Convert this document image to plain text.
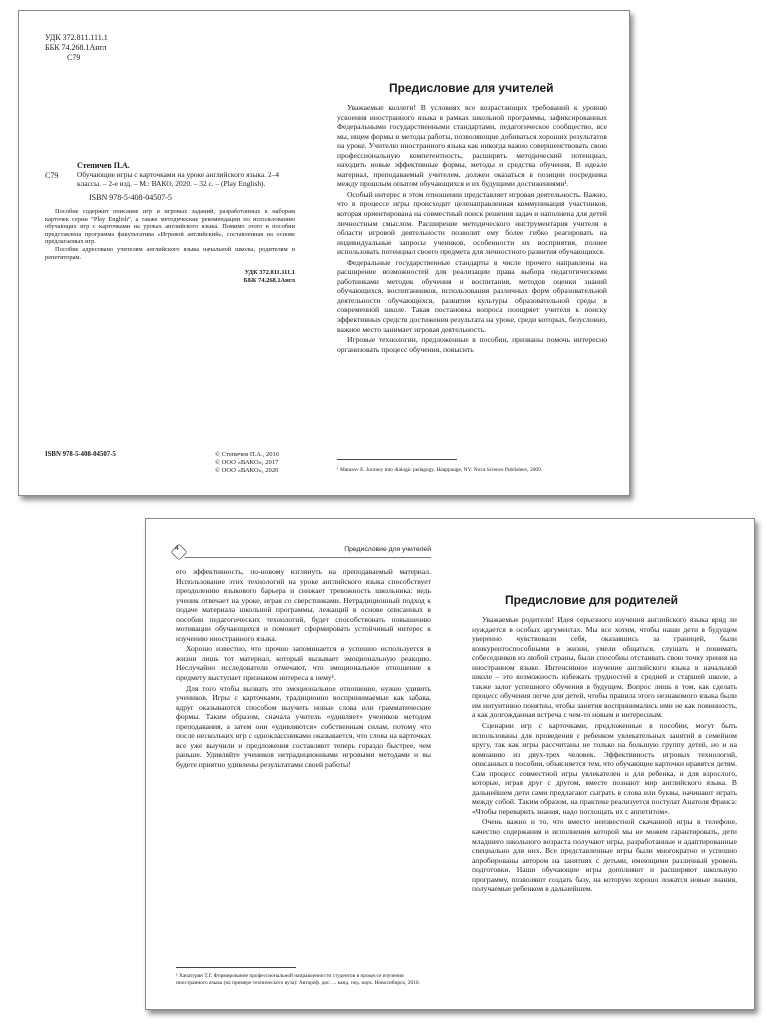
УДК 372.811.111.1
ББК 74.268.1Англ
С79
С79
Степичев П.А.
Обучающие игры с карточками на уроке английского языка. 2–4 классы. – 2-е изд. – М.: ВАКО, 2020. – 32 с. – (Play English).
ISBN 978-5-408-04507-5

Пособие содержит описание игр и игровых заданий, разработанных к наборам карточек серии “Play English”, а также методические рекомендации по использованию обучающих игр с карточками на уроках английского языка. Помимо этого в пособии представлена программа факультатива «Игровой английский», составленная на основе предлагаемых игр.

Пособие адресовано учителям английского языка начальной школы, родителям и репетиторам.

УДК 372.811.111.1
ББК 74.268.1Англ
ISBN 978-5-408-04507-5	© Степичев П.А., 2016
© ООО «ВАКО», 2017
© ООО «ВАКО», 2020
Предисловие для учителей

Уважаемые коллеги! В условиях все возрастающих требований к уровню усвоения иностранного языка в рамках школьной программы, зафиксированных Федеральными государственными стандартами, педагогическое сообщество, все мы, ищем формы и методы работы, позволяющие добиваться хороших результатов на уроке. Учителю иностранного языка как никогда важно совершенствовать свою профессиональную компетентность, расширять методический потенциал, находить новые эффективные формы, методы и средства обучения. В идеале материал, преподаваемый учителем, должен оказаться в позиции посредника между прошлым опытом обучающихся и их будущими достижениями¹.

Особый интерес в этом отношении представляет игровая деятельность. Важно, что в процессе игры происходит целенаправленная коммуникация участников, которая ориентирована на совместный поиск решения задач и наполнена для детей личностным смыслом. Расширение методического инструментария учителя в области игровой деятельности позволит ему более гибко реагировать на индивидуальные запросы учеников, особенности их восприятия, полнее использовать потенциал своего предмета для личностного развития обучающихся.

Федеральные государственные стандарты в числе прочего направлены на расширение возможностей для реализации права выбора педагогическими работниками методик обучения и воспитания, методов оценки знаний обучающихся, воспитанников, использования различных форм образовательной деятельности обучающихся, развития культуры образовательной среды в современной школе. Такая постановка вопроса поощряет учителя к поиску эффективных средств достижения результата на уроке, среди которых, безусловно, важное место занимает игровая деятельность.

Игровые технологии, предложенные в пособии, призваны помочь интересно организовать процесс обучения, повысить

¹ Matusov E. Journey into dialogic pedagogy. Hauppauge, NY: Nova Science Publishers, 2009.
4	Предисловие для учителей

его эффективность, по-новому взглянуть на преподаваемый материал. Использование этих технологий на уроке английского языка способствует преодолению языкового барьера и снижает тревожность школьника: ведь ученик отвечает на уроке, играя со сверстниками. Нетрадиционный подход к подаче материала школьной программы, лежащий в основе описанных в пособии педагогических технологий, будет способствовать повышению мотивации обучающихся и поможет сформировать устойчивый интерес к изучению иностранного языка.

Хорошо известно, что прочно запоминается и успешно используется в жизни лишь тот материал, который вызывает эмоциональную реакцию. Неслучайно исследователи отмечают, что эмоциональное отношение к предмету выступает признаком интереса к нему¹.

Для того чтобы вызвать это эмоциональное отношение, нужно удивить учеников. Игры с карточками, традиционно воспринимаемые как забава, вдруг оказываются способом выучить новые слова или грамматические формы. Таким образом, сначала учитель «удивляет» учеников методом преподавания, а затем они «удивляются» собственным силам, потому что после нескольких игр с одноклассниками оказывается, что слова на карточках все уже выучили и предложения составляют теперь гораздо быстрее, чем раньше. Удивляйте учеников нетрадиционными игровыми методами и вы будете приятно удивлены результатами своей работы!

¹ Хачатурян Т.Г. Формирование профессиональной направленности студентов в процессе изучения иностранного языка (на примере технического вуза): Автореф. дис. ... канд. пед. наук. Новосибирск, 2010.
Предисловие для родителей

Уважаемые родители! Идея серьезного изучения английского языка вряд ли нуждается в особых аргументах. Мы все хотим, чтобы наши дети в будущем уверенно чувствовали себя, оказавшись за границей, были конкурентоспособными в жизни, умели общаться, слушать и понимать собеседников из любой страны, были способны отстаивать свою точку зрения на иностранном языке. Интенсивное изучение английского языка в начальной школе – это возможность избежать трудностей в средней и старшей школе, а также залог успешного обучения в будущем. Вопрос лишь в том, как сделать процесс обучения легче для детей, чтобы правила этого незнакомого языка были им интуитивно понятны, чтобы занятия воспринимались ими не как повинность, а как долгожданная встреча с чем-то новым и интересным.

Сценарии игр с карточками, предложенные в пособии, могут быть использованы для проведения с ребенком увлекательных занятий в семейном кругу, так как игры рассчитаны не только на большую группу детей, но и на компанию из двух-трех человек. Эффективность игровых технологий, описанных в пособии, объясняется тем, что обучающие карточки нравятся детям. Сам процесс совместной игры увлекателен и для ребенка, и для взрослого, которые, играя друг с другом, вместе познают мир английского языка. В дальнейшем дети сами предлагают сыграть в слова или буквы, начинают играть между собой. Таким образом, на практике реализуется постулат Анатоля Франса: «Чтобы переварить знания, надо поглощать их с аппетитом».

Очень важно и то, что вместо неизвестной скачанной игры в телефоне, качество содержания и исполнения которой мы не можем гарантировать, дети младшего школьного возраста получают игры, разработанные и адаптированные специально для них. Все представленные игры были многократно и успешно апробированы автором на занятиях с детьми, имеющими различный уровень подготовки. Наши обучающие игры дополняют и расширяют школьную программу, позволяют создать базу, на которую хорошо ложатся новые знания, получаемые ребенком в дальнейшем.
